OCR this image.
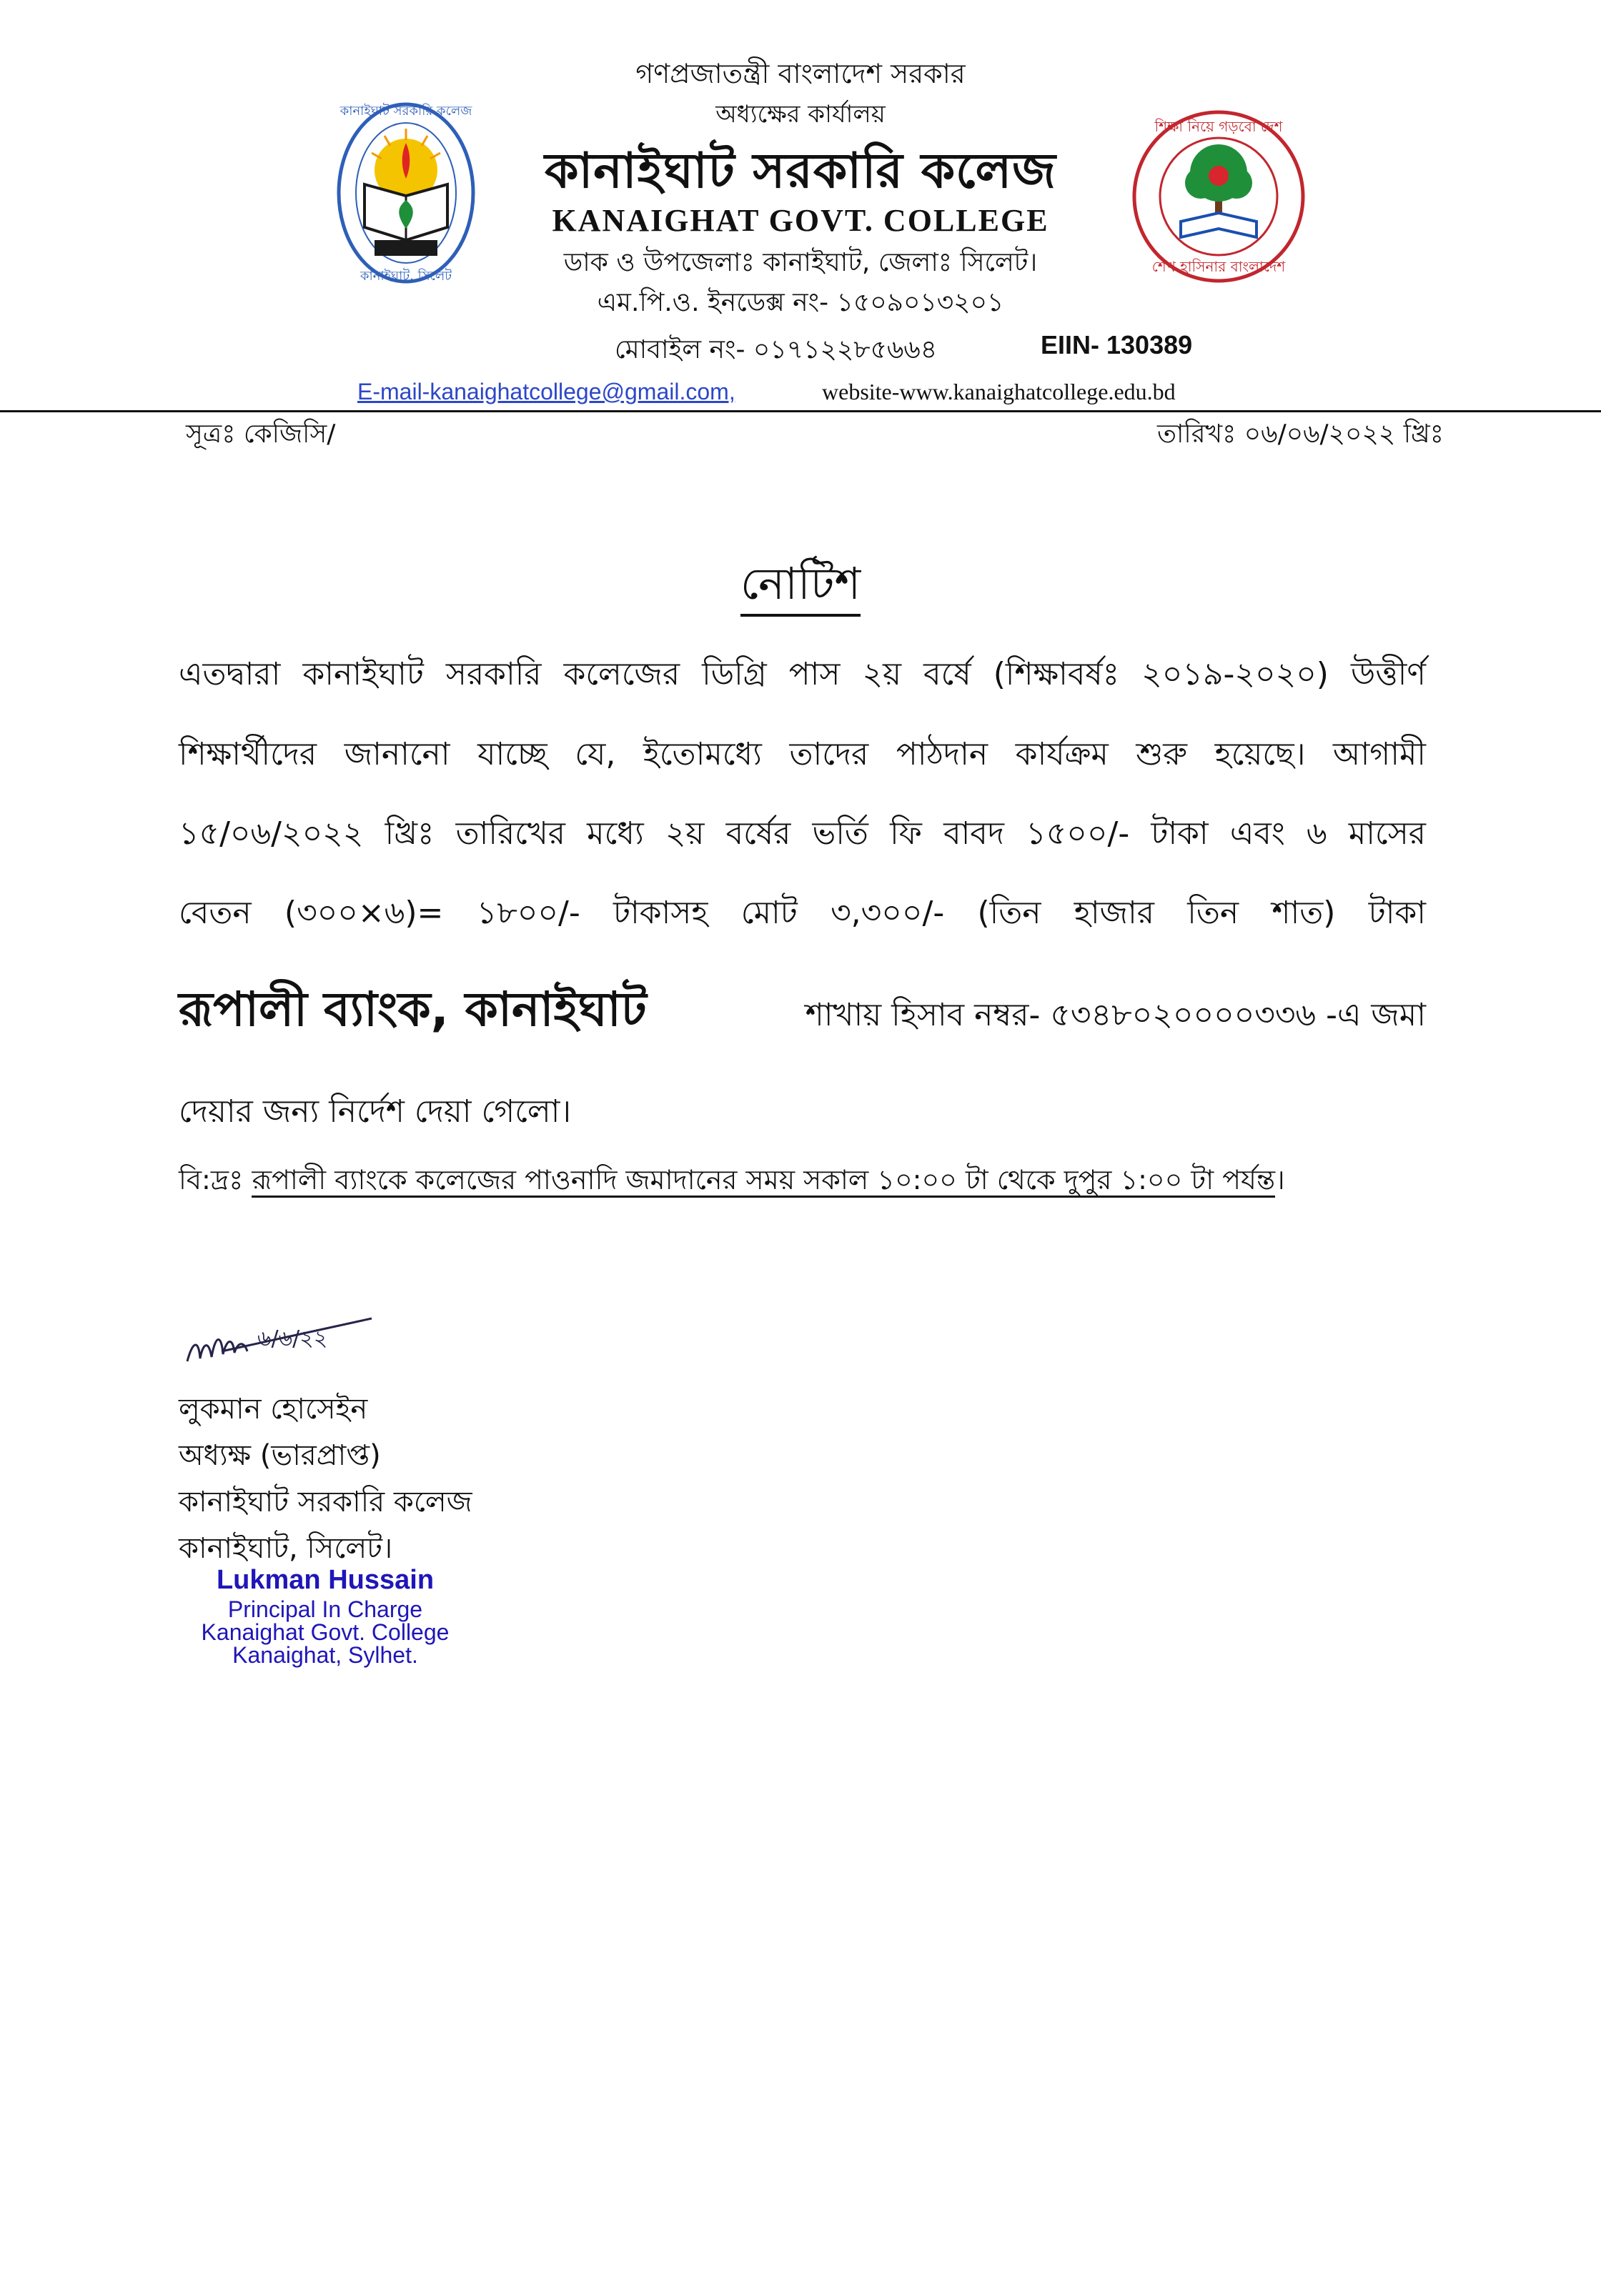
কানাইঘাট সরকারি কলেজ
কানাইঘাট, সিলেট
শিক্ষা নিয়ে গড়বো দেশ
শেখ হাসিনার বাংলাদেশ
গণপ্রজাতন্ত্রী বাংলাদেশ সরকার
অধ্যক্ষের কার্যালয়
কানাইঘাট সরকারি কলেজ
KANAIGHAT GOVT. COLLEGE
ডাক ও উপজেলাঃ কানাইঘাট, জেলাঃ সিলেট।
এম.পি.ও. ইনডেক্স নং- ১৫০৯০১৩২০১
মোবাইল নং- ০১৭১২২৮৫৬৬৪	EIIN- 130389
E-mail-kanaighatcollege@gmail.com,	website-www.kanaighatcollege.edu.bd
সূত্রঃ কেজিসি/	তারিখঃ ০৬/০৬/২০২২ খ্রিঃ
নোটিশ
এতদ্বারা কানাইঘাট সরকারি কলেজের ডিগ্রি পাস ২য় বর্ষে (শিক্ষাবর্ষঃ ২০১৯-২০২০) উত্তীর্ণ
শিক্ষার্থীদের জানানো যাচ্ছে যে, ইতোমধ্যে তাদের পাঠদান কার্যক্রম শুরু হয়েছে। আগামী
১৫/০৬/২০২২ খ্রিঃ তারিখের মধ্যে ২য় বর্ষের ভর্তি ফি বাবদ ১৫০০/- টাকা এবং ৬ মাসের
বেতন (৩০০×৬)= ১৮০০/- টাকাসহ মোট ৩,৩০০/- (তিন হাজার তিন শাত) টাকা
রূপালী ব্যাংক, কানাইঘাট	শাখায় হিসাব নম্বর- ৫৩৪৮০২০০০০৩৩৬ -এ জমা
দেয়ার জন্য নির্দেশ দেয়া গেলো।
বি:দ্রঃ রূপালী ব্যাংকে কলেজের পাওনাদি জমাদানের সময় সকাল ১০:০০ টা থেকে দুপুর ১:০০ টা পর্যন্ত।
৬/৬/২২
লুকমান হোসেইন
অধ্যক্ষ (ভারপ্রাপ্ত)
কানাইঘাট সরকারি কলেজ
কানাইঘাট, সিলেট।
Lukman Hussain
Principal In Charge
Kanaighat Govt. College
Kanaighat, Sylhet.
